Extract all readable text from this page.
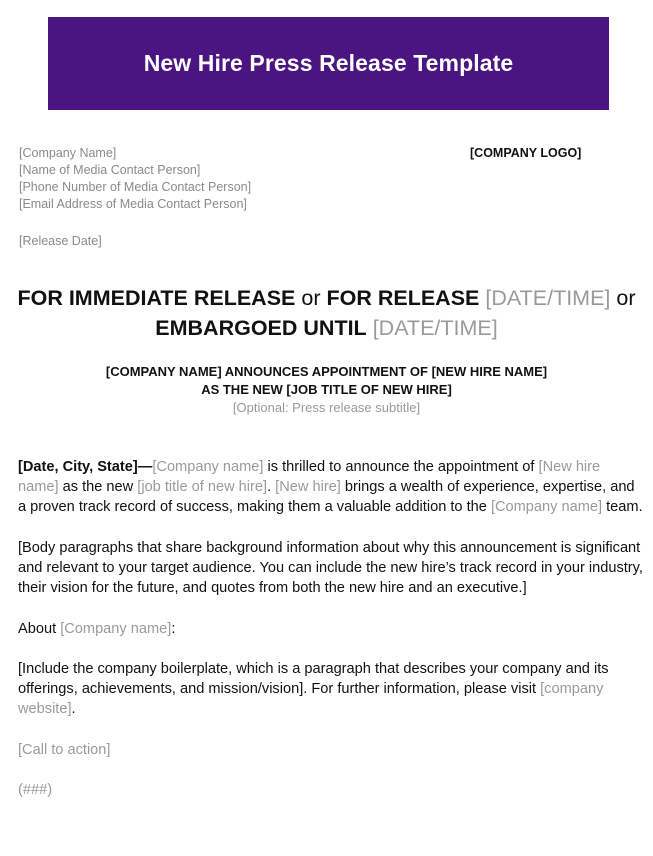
New Hire Press Release Template
[Company Name]
[Name of Media Contact Person]
[Phone Number of Media Contact Person]
[Email Address of Media Contact Person]
[COMPANY LOGO]
[Release Date]
FOR IMMEDIATE RELEASE or FOR RELEASE [DATE/TIME] or
EMBARGOED UNTIL [DATE/TIME]
[COMPANY NAME] ANNOUNCES APPOINTMENT OF [NEW HIRE NAME]
AS THE NEW [JOB TITLE OF NEW HIRE]
[Optional: Press release subtitle]

[Date, City, State]—[Company name] is thrilled to announce the appointment of [New hire name] as the new [job title of new hire]. [New hire] brings a wealth of experience, expertise, and a proven track record of success, making them a valuable addition to the [Company name] team.

[Body paragraphs that share background information about why this announcement is significant and relevant to your target audience. You can include the new hire’s track record in your industry, their vision for the future, and quotes from both the new hire and an executive.]

About [Company name]:

[Include the company boilerplate, which is a paragraph that describes your company and its offerings, achievements, and mission/vision]. For further information, please visit [company website].

[Call to action]

(###)
